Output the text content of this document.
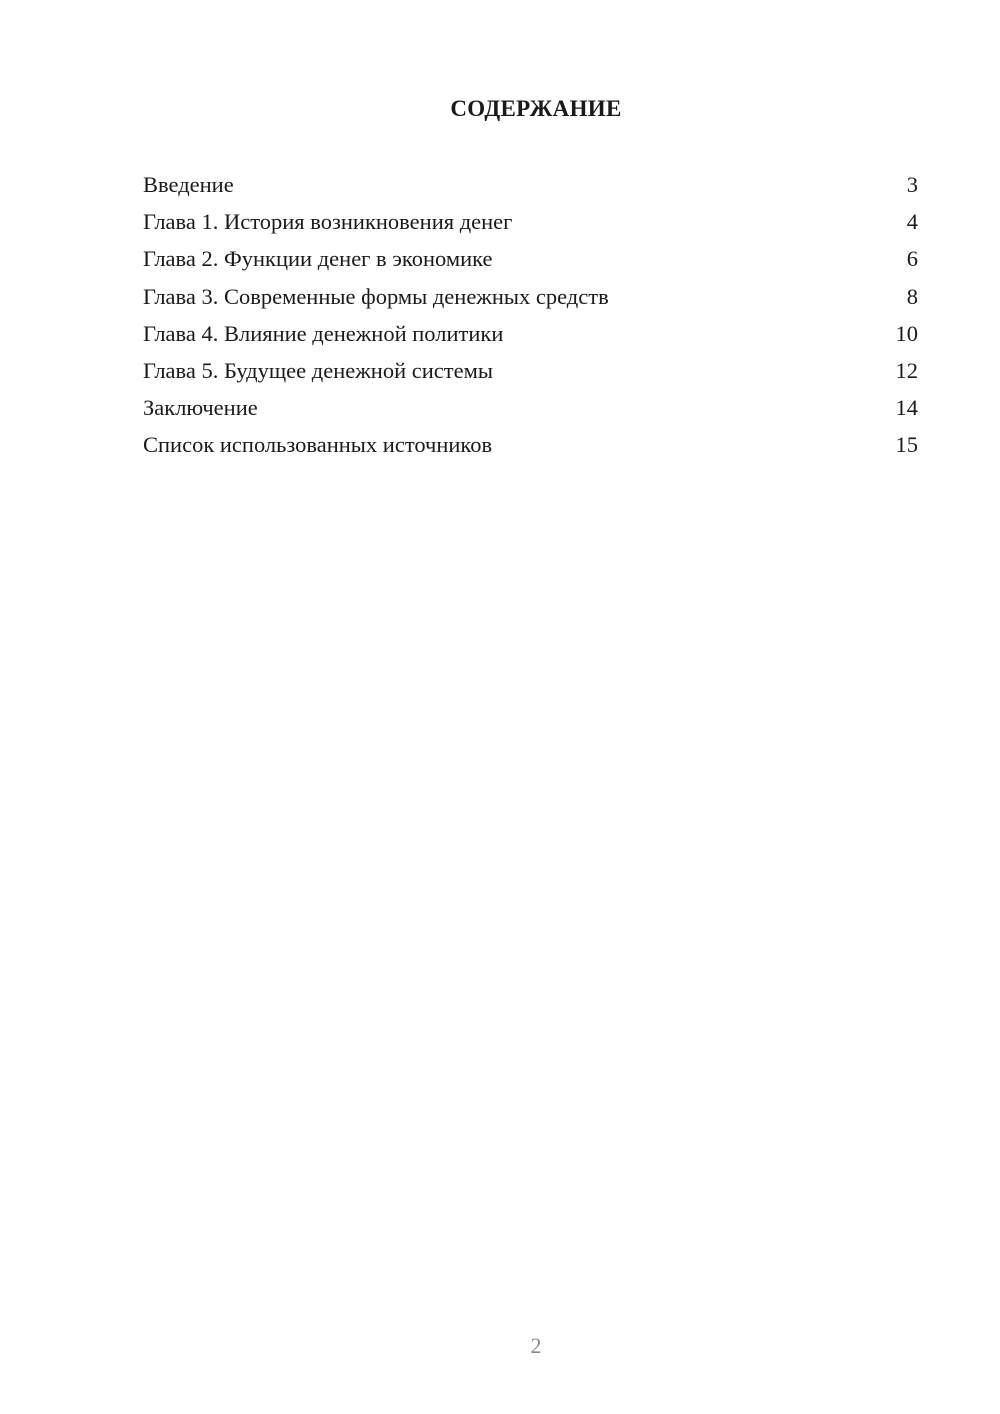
СОДЕРЖАНИЕ
Введение	3
Глава 1. История возникновения денег	4
Глава 2. Функции денег в экономике	6
Глава 3. Современные формы денежных средств	8
Глава 4. Влияние денежной политики	10
Глава 5. Будущее денежной системы	12
Заключение	14
Список использованных источников	15
2
